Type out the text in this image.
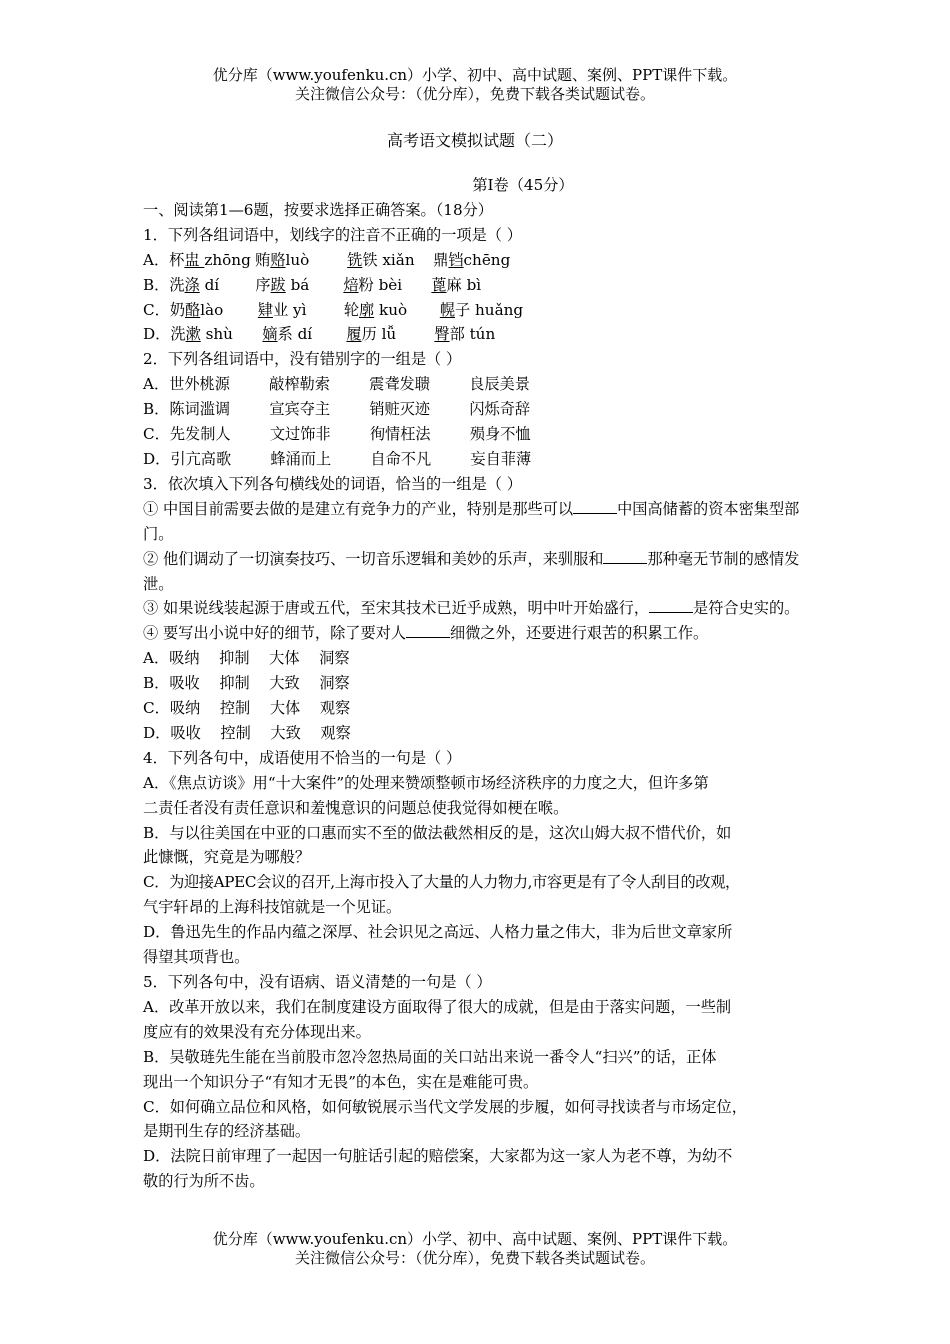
优分库（www.youfenku.cn）小学、初中、高中试题、案例、PPT课件下载。
关注微信公众号：（优分库），免费下载各类试题试卷。
高考语文模拟试题（二）

第Ⅰ卷（45分）

一、阅读第1—6题，按要求选择正确答案。（18分）

1．下列各组词语中，划线字的注音不正确的一项是（ ）

A．杯盅 zhōng 贿赂luò 铣铁 xiǎn 鼎铛chēng

B．洗涤 dí 序跋 bá 焙粉 bèi 蓖麻 bì

C．奶酪lào 肄业 yì 轮廓 kuò 幌子 huǎng

D．洗漱 shù 嫡系 dí 履历 lǚ	臀部 tún

2．下列各组词语中，没有错别字的一组是（ ）

A．世外桃源	敲榨勒索	震聋发聩	良辰美景

B．陈词滥调	宣宾夺主	销赃灭迹	闪烁奇辞

C．先发制人	文过饰非	徇情枉法	殒身不恤

D．引亢高歌	蜂涌而上	自命不凡	妄自菲薄

3．依次填入下列各句横线处的词语，恰当的一组是（ ）

① 中国目前需要去做的是建立有竞争力的产业，特别是那些可以	中国高储蓄的资本密集型部门。

② 他们调动了一切演奏技巧、一切音乐逻辑和美妙的乐声，来驯服和	那种毫无节制的感情发泄。

③ 如果说线装起源于唐或五代，至宋其技术已近乎成熟，明中叶开始盛行，	是符合史实的。

④ 要写出小说中好的细节，除了要对人	细微之外，还要进行艰苦的积累工作。

A．吸纳 抑制 大体 洞察

B．吸收 抑制 大致 洞察

C．吸纳 控制 大体 观察

D．吸收 控制 大致 观察

4．下列各句中，成语使用不恰当的一句是（ ）

A．《焦点访谈》用“十大案件”的处理来赞颂整顿市场经济秩序的力度之大，但许多第

二责任者没有责任意识和羞愧意识的问题总使我觉得如梗在喉。

B．与以往美国在中亚的口惠而实不至的做法截然相反的是，这次山姆大叔不惜代价，如

此慷慨，究竟是为哪般？

C．为迎接APEC会议的召开,上海市投入了大量的人力物力,市容更是有了令人刮目的改观，

气宇轩昂的上海科技馆就是一个见证。

D．鲁迅先生的作品内蕴之深厚、社会识见之高远、人格力量之伟大，非为后世文章家所

得望其项背也。

5．下列各句中，没有语病、语义清楚的一句是（ ）

A．改革开放以来，我们在制度建设方面取得了很大的成就，但是由于落实问题，一些制

度应有的效果没有充分体现出来。

B．吴敬琏先生能在当前股市忽冷忽热局面的关口站出来说一番令人“扫兴”的话，正体

现出一个知识分子“有知才无畏”的本色，实在是难能可贵。

C．如何确立品位和风格，如何敏锐展示当代文学发展的步履，如何寻找读者与市场定位，

是期刊生存的经济基础。

D．法院日前审理了一起因一句脏话引起的赔偿案，大家都为这一家人为老不尊，为幼不

敬的行为所不齿。

优分库（www.youfenku.cn）小学、初中、高中试题、案例、PPT课件下载。
关注微信公众号：（优分库），免费下载各类试题试卷。
